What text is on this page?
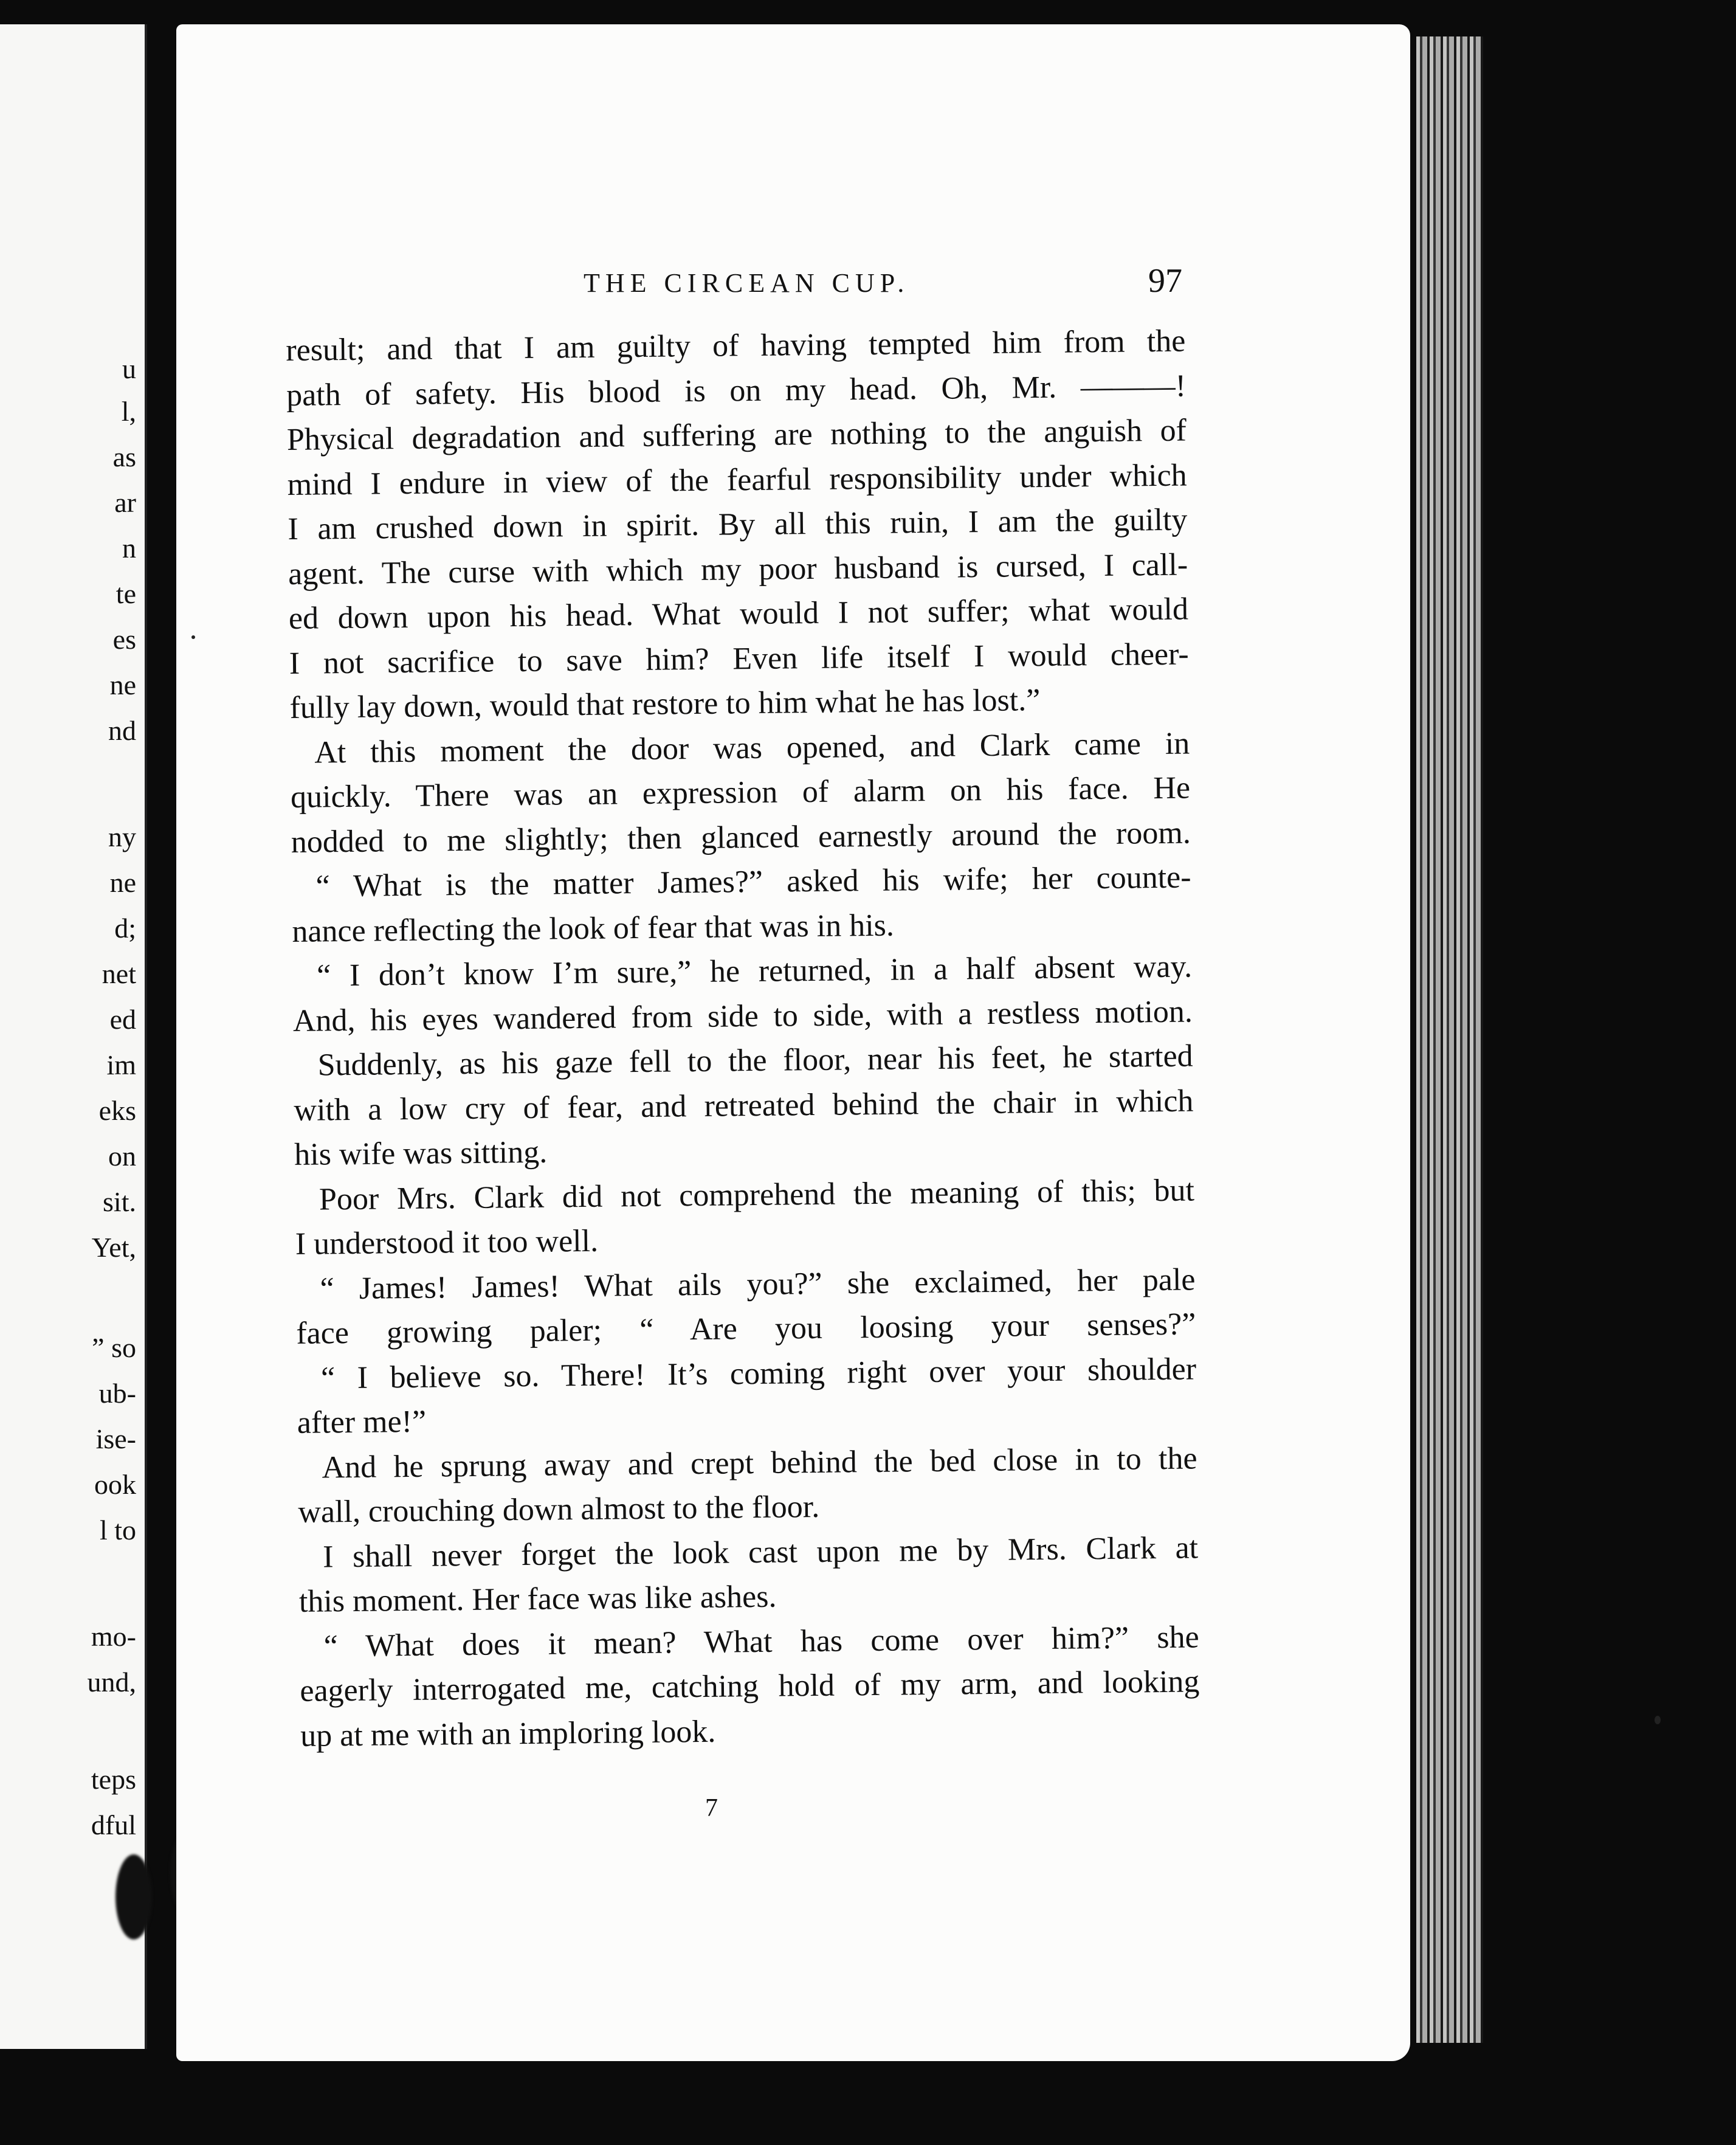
u
l,
as
ar
n
te
es
ne
nd
ny
ne
d;
net
ed
im
eks
on
sit.
Yet,
” so
ub-
ise-
ook
l to
mo-
und,
teps
dful
THE CIRCEAN CUP.	97
result; and that I am guilty of having tempted him from the
path of safety. His blood is on my head. Oh, Mr. ———!
Physical degradation and suffering are nothing to the anguish of
mind I endure in view of the fearful responsibility under which
I am crushed down in spirit. By all this ruin, I am the guilty
agent. The curse with which my poor husband is cursed, I call-
ed down upon his head. What would I not suffer; what would
I not sacrifice to save him? Even life itself I would cheer-
fully lay down, would that restore to him what he has lost.”
At this moment the door was opened, and Clark came in
quickly. There was an expression of alarm on his face. He
nodded to me slightly; then glanced earnestly around the room.
“ What is the matter James?” asked his wife; her counte-
nance reflecting the look of fear that was in his.
“ I don’t know I’m sure,” he returned, in a half absent way.
And, his eyes wandered from side to side, with a restless motion.
Suddenly, as his gaze fell to the floor, near his feet, he started
with a low cry of fear, and retreated behind the chair in which
his wife was sitting.
Poor Mrs. Clark did not comprehend the meaning of this; but
I understood it too well.
“ James! James! What ails you?” she exclaimed, her pale
face growing paler; “ Are you loosing your senses?”
“ I believe so. There! It’s coming right over your shoulder
after me!”
And he sprung away and crept behind the bed close in to the
wall, crouching down almost to the floor.
I shall never forget the look cast upon me by Mrs. Clark at
this moment. Her face was like ashes.
“ What does it mean? What has come over him?” she
eagerly interrogated me, catching hold of my arm, and looking
up at me with an imploring look.
7
